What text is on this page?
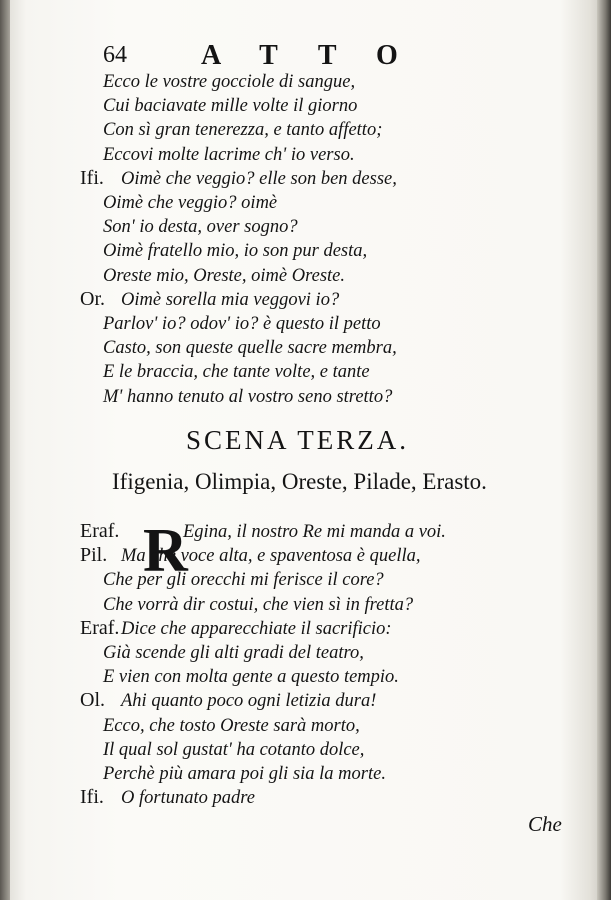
64	ATTO
Ecco le vostre gocciole di sangue,
Cui baciavate mille volte il giorno
Con sì gran tenerezza, e tanto affetto;
Eccovi molte lacrime ch' io verso.
Ifi. Oimè che veggio? elle son ben desse,
Oimè che veggio? oimè
Son' io desta, over sogno?
Oimè fratello mio, io son pur desta,
Oreste mio, Oreste, oimè Oreste.
Or. Oimè sorella mia veggovi io?
Parlov' io? odov' io? è questo il petto
Casto, son queste quelle sacre membra,
E le braccia, che tante volte, e tante
M' hanno tenuto al vostro seno stretto?
SCENA TERZA.
Ifigenia, Olimpia, Oreste, Pilade, Erasto.
R
Eraf.	Egina, il nostro Re mi manda a voi.
Pil. Ma che voce alta, e spaventosa è quella,
Che per gli orecchi mi ferisce il core?
Che vorrà dir costui, che vien sì in fretta?
Eraf. Dice che apparecchiate il sacrificio:
Già scende gli alti gradi del teatro,
E vien con molta gente a questo tempio.
Ol. Ahi quanto poco ogni letizia dura!
Ecco, che tosto Oreste sarà morto,
Il qual sol gustat' ha cotanto dolce,
Perchè più amara poi gli sia la morte.
Ifi. O fortunato padre
Che
